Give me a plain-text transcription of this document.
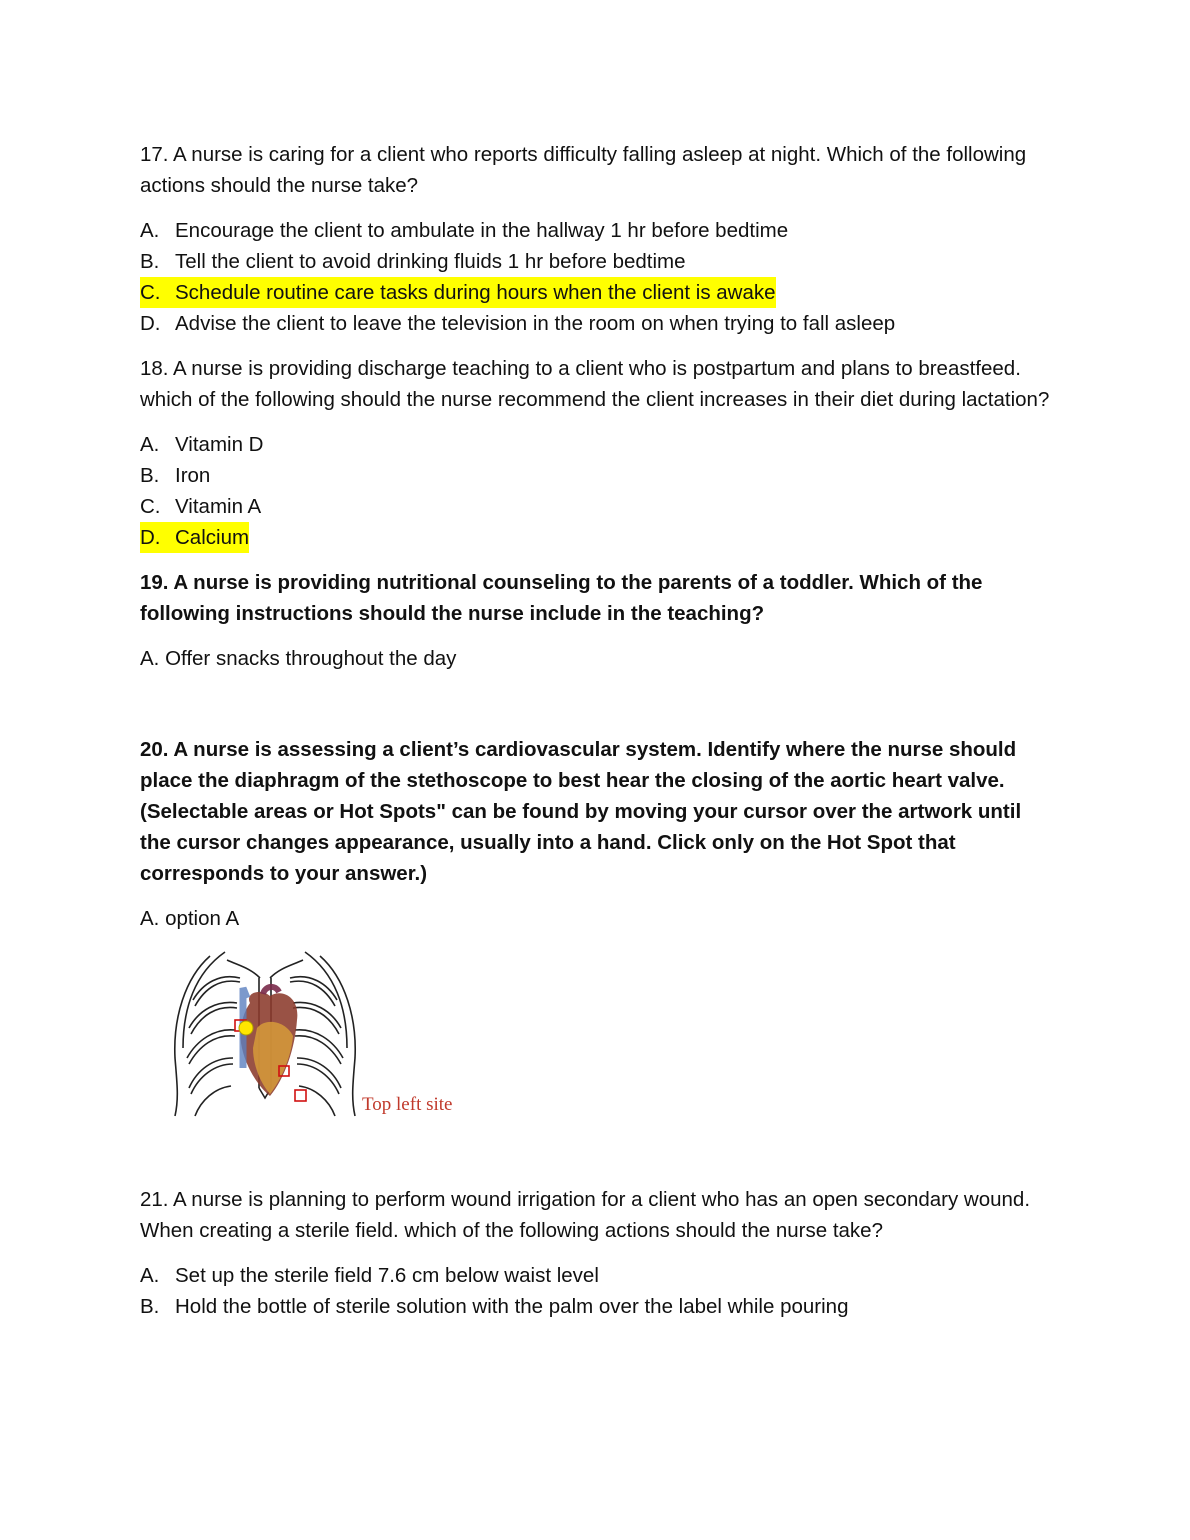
17. A nurse is caring for a client who reports difficulty falling asleep at night. Which of the following actions should the nurse take?

A. Encourage the client to ambulate in the hallway 1 hr before bedtime
B. Tell the client to avoid drinking fluids 1 hr before bedtime
C. Schedule routine care tasks during hours when the client is awake
D. Advise the client to leave the television in the room on when trying to fall asleep

18. A nurse is providing discharge teaching to a client who is postpartum and plans to breastfeed. which of the following should the nurse recommend the client increases in their diet during lactation?

A. Vitamin D
B. Iron
C. Vitamin A
D. Calcium

19. A nurse is providing nutritional counseling to the parents of a toddler. Which of the following instructions should the nurse include in the teaching?

A. Offer snacks throughout the day

20. A nurse is assessing a client’s cardiovascular system. Identify where the nurse should place the diaphragm of the stethoscope to best hear the closing of the aortic heart valve. (Selectable areas or Hot Spots" can be found by moving your cursor over the artwork until the cursor changes appearance, usually into a hand. Click only on the Hot Spot that corresponds to your answer.)

A. option A

Top left site

21. A nurse is planning to perform wound irrigation for a client who has an open secondary wound. When creating a sterile field. which of the following actions should the nurse take?

A. Set up the sterile field 7.6 cm below waist level
B. Hold the bottle of sterile solution with the palm over the label while pouring
